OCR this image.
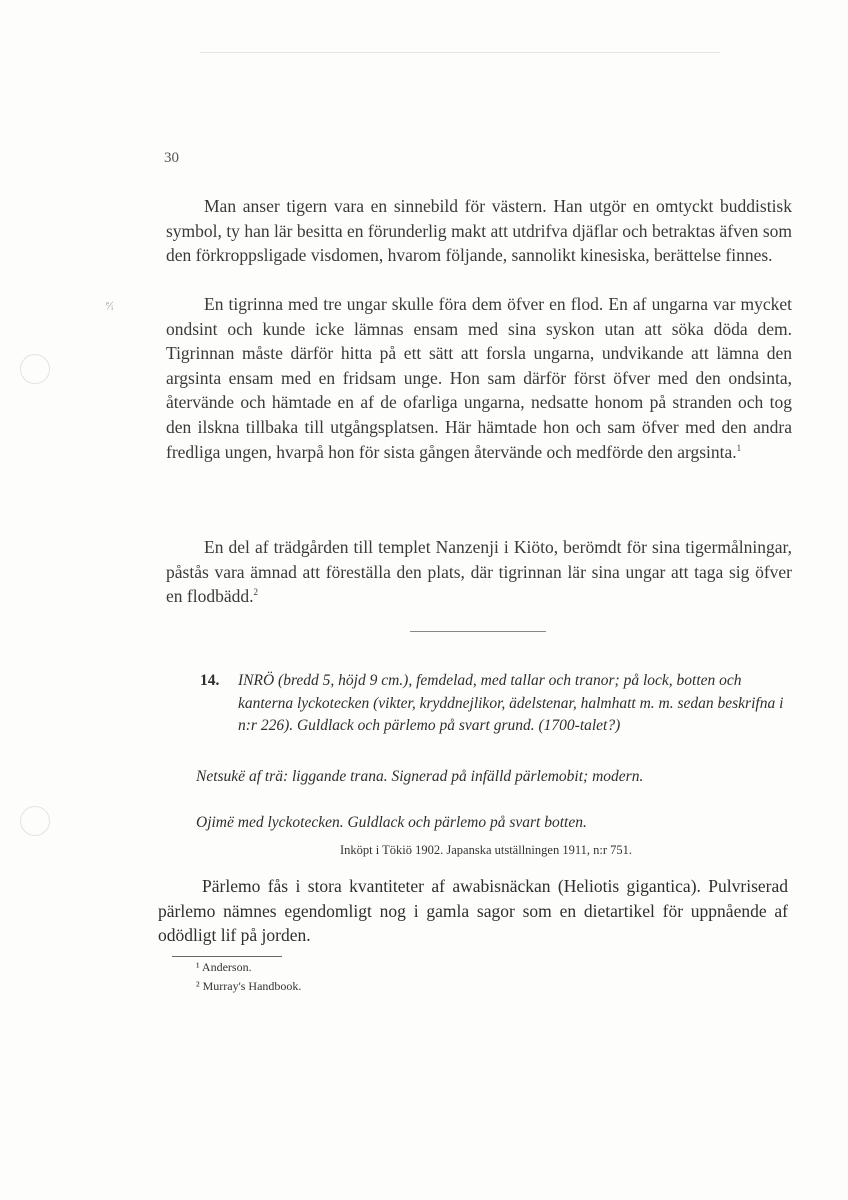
30
ᵉ⁄ᵢ

Man anser tigern vara en sinnebild för västern. Han utgör en omtyckt buddistisk symbol, ty han lär besitta en förunderlig makt att utdrifva djäflar och betraktas äfven som den förkroppsligade visdomen, hvarom följande, sannolikt kinesiska, berättelse finnes.

En tigrinna med tre ungar skulle föra dem öfver en flod. En af ungarna var mycket ondsint och kunde icke lämnas ensam med sina syskon utan att söka döda dem. Tigrinnan måste därför hitta på ett sätt att forsla ungarna, undvikande att lämna den argsinta ensam med en fridsam unge. Hon sam därför först öfver med den ondsinta, återvände och hämtade en af de ofarliga ungarna, nedsatte honom på stranden och tog den ilskna tillbaka till utgångsplatsen. Här hämtade hon och sam öfver med den andra fredliga ungen, hvarpå hon för sista gången återvände och medförde den argsinta.$^1$

En del af trädgården till templet Nanzenji i Kiöto, berömdt för sina tigermålningar, påstås vara ämnad att föreställa den plats, där tigrinnan lär sina ungar att taga sig öfver en flodbädd.$^2$

14. INRÖ (bredd 5, höjd 9 cm.), femdelad, med tallar och tranor; på lock, botten och kanterna lyckotecken (vikter, kryddnejlikor, ädelstenar, halmhatt m. m. sedan beskrifna i n:r 226). Guldlack och pärlemo på svart grund. (1700-talet?)
Netsukë af trä: liggande trana. Signerad på infälld pärlemobit; modern.
Ojimë med lyckotecken. Guldlack och pärlemo på svart botten.
Inköpt i Tökiö 1902. Japanska utställningen 1911, n:r 751.

Pärlemo fås i stora kvantiteter af awabisnäckan (Heliotis gigantica). Pulvriserad pärlemo nämnes egendomligt nog i gamla sagor som en dietartikel för uppnående af odödligt lif på jorden.

¹ Anderson.
² Murray's Handbook.
